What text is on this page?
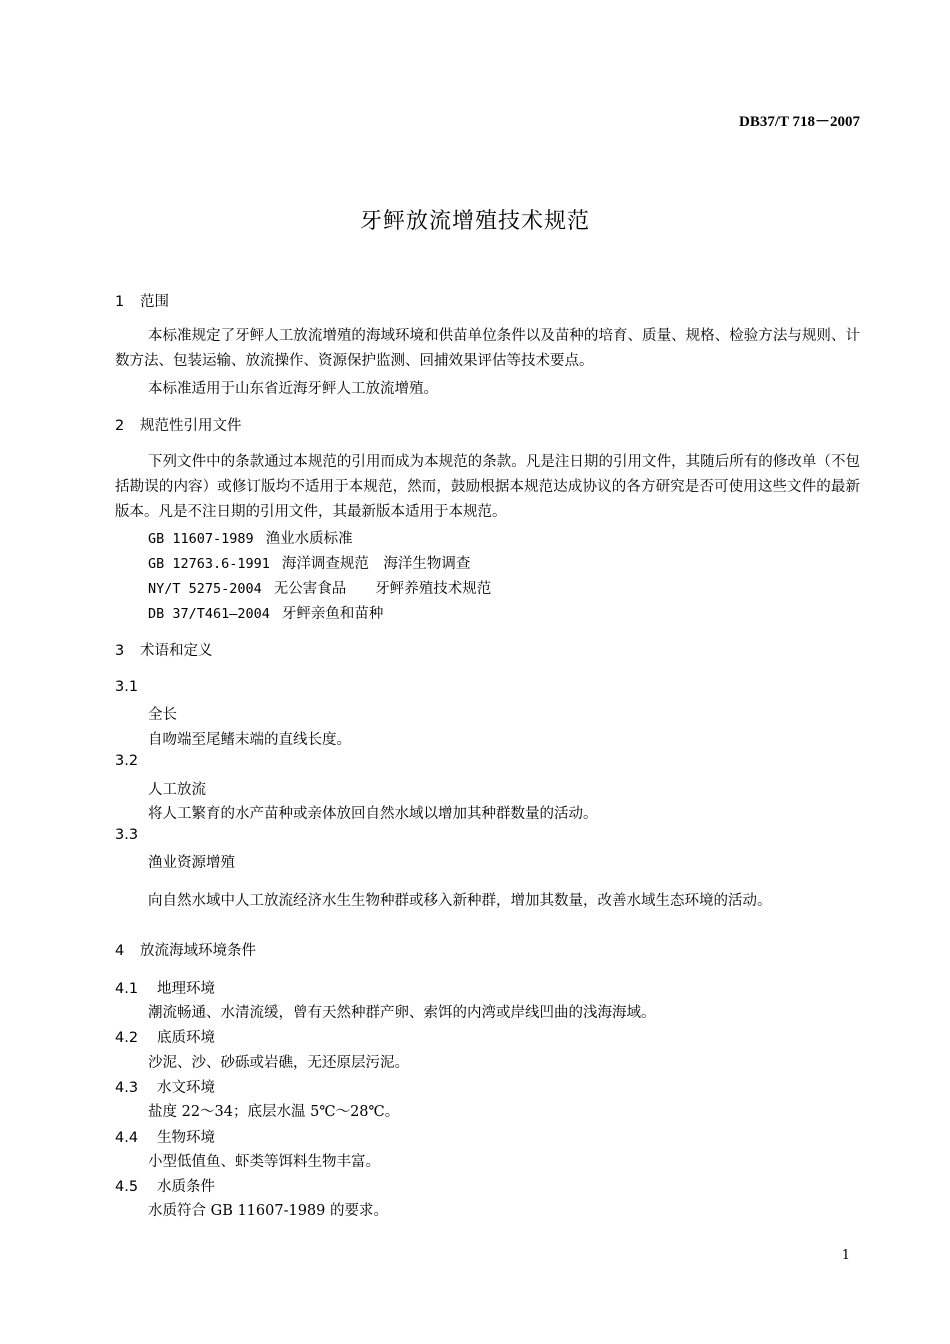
DB37/T 718－2007
牙鲆放流增殖技术规范
1 范围
本标准规定了牙鲆人工放流增殖的海域环境和供苗单位条件以及苗种的培育、质量、规格、检验方法与规则、计数方法、包装运输、放流操作、资源保护监测、回捕效果评估等技术要点。
本标准适用于山东省近海牙鲆人工放流增殖。
2 规范性引用文件
下列文件中的条款通过本规范的引用而成为本规范的条款。凡是注日期的引用文件，其随后所有的修改单（不包括勘误的内容）或修订版均不适用于本规范，然而，鼓励根据本规范达成协议的各方研究是否可使用这些文件的最新版本。凡是不注日期的引用文件，其最新版本适用于本规范。
GB 11607-1989 渔业水质标准
GB 12763.6-1991 海洋调查规范　海洋生物调查
NY/T 5275-2004 无公害食品　　牙鲆养殖技术规范
DB 37/T461—2004 牙鲆亲鱼和苗种
3 术语和定义
3.1
全长
自吻端至尾鳍末端的直线长度。
3.2
人工放流
将人工繁育的水产苗种或亲体放回自然水域以增加其种群数量的活动。
3.3
渔业资源增殖
向自然水域中人工放流经济水生生物种群或移入新种群，增加其数量，改善水域生态环境的活动。
4 放流海域环境条件
4.1 地理环境
潮流畅通、水清流缓，曾有天然种群产卵、索饵的内湾或岸线凹曲的浅海海域。
4.2 底质环境
沙泥、沙、砂砾或岩礁，无还原层污泥。
4.3 水文环境
盐度 22～34；底层水温 5℃～28℃。
4.4 生物环境
小型低值鱼、虾类等饵料生物丰富。
4.5 水质条件
水质符合 GB 11607-1989 的要求。
1
